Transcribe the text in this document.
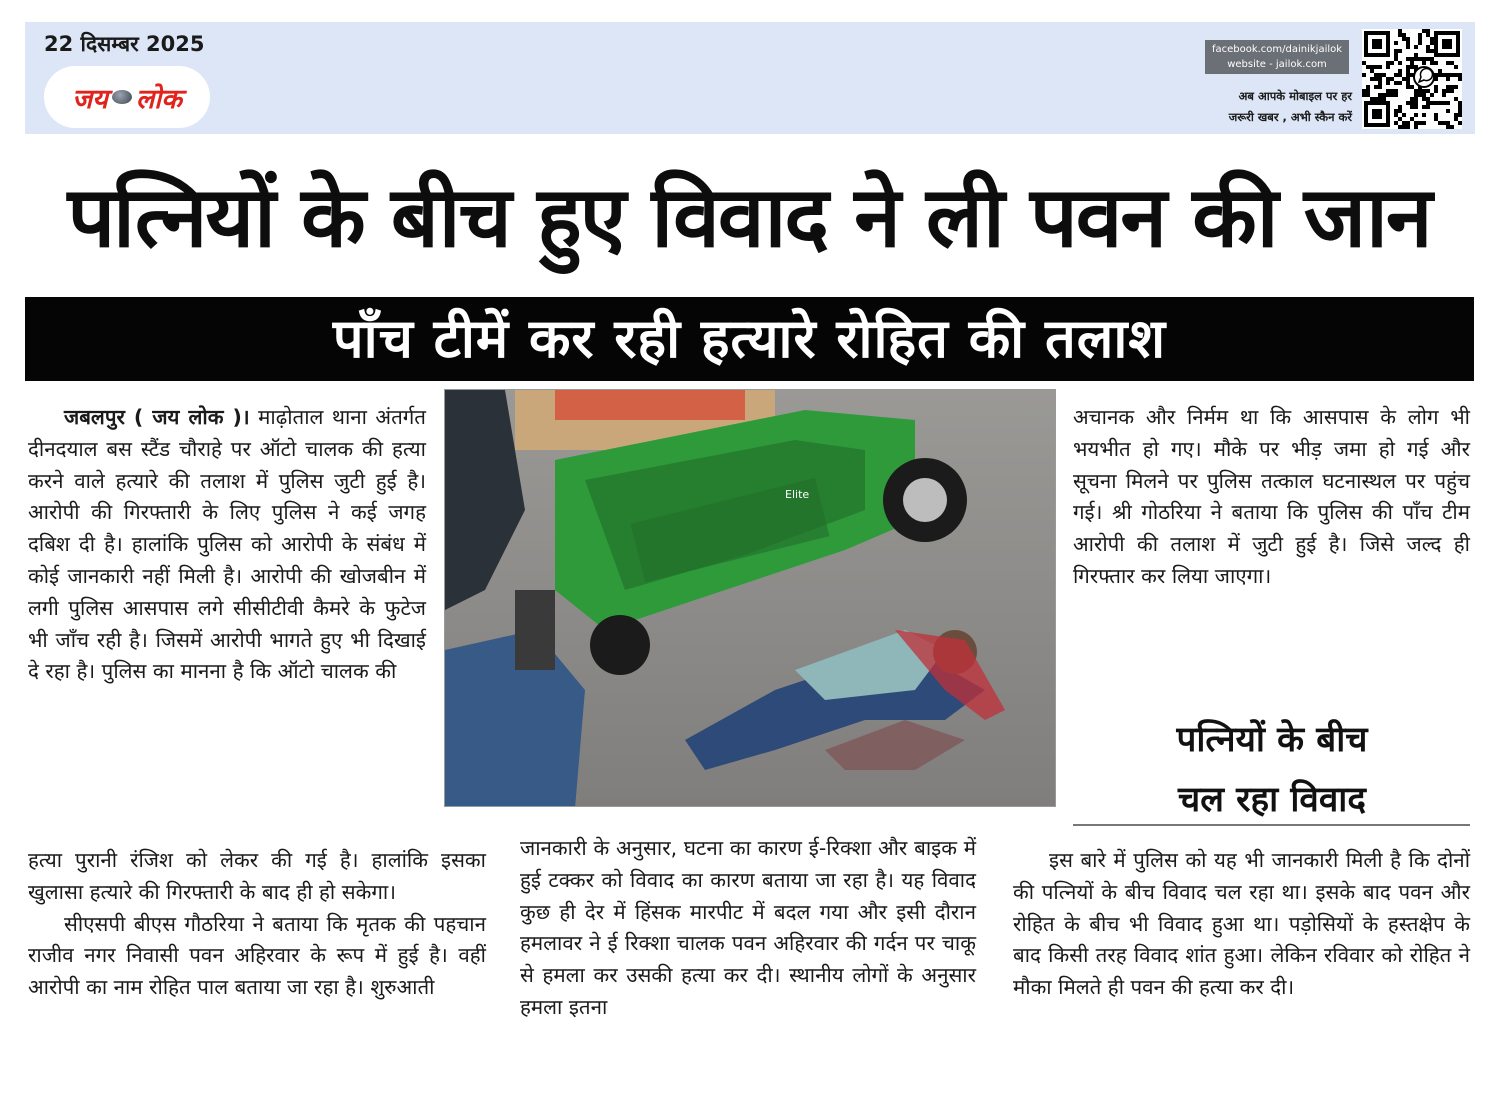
22 दिसम्बर 2025
जय लोक
facebook.com/dainikjailok
website - jailok.com
अब आपके मोबाइल पर हर
जरूरी खबर , अभी स्कैन करें
पत्नियों के बीच हुए विवाद ने ली पवन की जान
पाँच टीमें कर रही हत्यारे रोहित की तलाश
Elite

जबलपुर ( जय लोक )। माढ़ोताल थाना अंतर्गत दीनदयाल बस स्टैंड चौराहे पर ऑटो चालक की हत्या करने वाले हत्यारे की तलाश में पुलिस जुटी हुई है। आरोपी की गिरफ्तारी के लिए पुलिस ने कई जगह दबिश दी है। हालांकि पुलिस को आरोपी के संबंध में कोई जानकारी नहीं मिली है। आरोपी की खोजबीन में लगी पुलिस आसपास लगे सीसीटीवी कैमरे के फुटेज भी जाँच रही है। जिसमें आरोपी भागते हुए भी दिखाई दे रहा है। पुलिस का मानना है कि ऑटो चालक की

हत्या पुरानी रंजिश को लेकर की गई है। हालांकि इसका खुलासा हत्यारे की गिरफ्तारी के बाद ही हो सकेगा।

सीएसपी बीएस गौठरिया ने बताया कि मृतक की पहचान राजीव नगर निवासी पवन अहिरवार के रूप में हुई है। वहीं आरोपी का नाम रोहित पाल बताया जा रहा है। शुरुआती

जानकारी के अनुसार, घटना का कारण ई-रिक्शा और बाइक में हुई टक्कर को विवाद का कारण बताया जा रहा है। यह विवाद कुछ ही देर में हिंसक मारपीट में बदल गया और इसी दौरान हमलावर ने ई रिक्शा चालक पवन अहिरवार की गर्दन पर चाकू से हमला कर उसकी हत्या कर दी। स्थानीय लोगों के अनुसार हमला इतना

अचानक और निर्मम था कि आसपास के लोग भी भयभीत हो गए। मौके पर भीड़ जमा हो गई और सूचना मिलने पर पुलिस तत्काल घटनास्थल पर पहुंच गई। श्री गोठरिया ने बताया कि पुलिस की पाँच टीम आरोपी की तलाश में जुटी हुई है। जिसे जल्द ही गिरफ्तार कर लिया जाएगा।

पत्नियों के बीच
चल रहा विवाद

इस बारे में पुलिस को यह भी जानकारी मिली है कि दोनों की पत्नियों के बीच विवाद चल रहा था। इसके बाद पवन और रोहित के बीच भी विवाद हुआ था। पड़ोसियों के हस्तक्षेप के बाद किसी तरह विवाद शांत हुआ। लेकिन रविवार को रोहित ने मौका मिलते ही पवन की हत्या कर दी।
